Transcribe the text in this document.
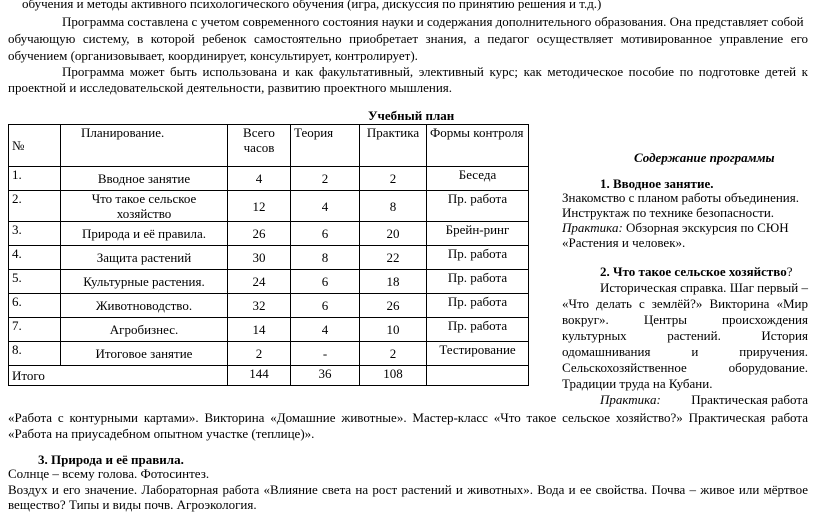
обучения и методы активного психологического обучения (игра, дискуссия по принятию решения и т.д.)
Программа составлена с учетом современного состояния науки и содержания дополнительного образования. Она представляет собой
обучающую систему, в которой ребенок самостоятельно приобретает знания, а педагог осуществляет мотивированное управление его
обучением (организовывает, координирует, консультирует, контролирует).
Программа может быть использована и как факультативный, элективный курс; как методическое пособие по подготовке детей к
проектной и исследовательской деятельности, развитию проектного мышления.
Учебный план
№	Планирование.	Всего часов	Теория	Практика	Формы контроля
1.	Вводное занятие	4	2	2	Беседа
2.	Что такое сельское хозяйство	12	4	8	Пр. работа
3.	Природа и её правила.	26	6	20	Брейн-ринг
4.	Защита растений	30	8	22	Пр. работа
5.	Культурные растения.	24	6	18	Пр. работа
6.	Животноводство.	32	6	26	Пр. работа
7.	Агробизнес.	14	4	10	Пр. работа
8.	Итоговое занятие	2	-	2	Тестирование
Итого		144	36	108	
Содержание программы
1. Вводное занятие.
Знакомство с планом работы объединения.
Инструктаж по технике безопасности.
Практика: Обзорная экскурсия по СЮН
«Растения и человек».
2. Что такое сельское хозяйство?
Историческая справка. Шаг первый –
«Что делать с землёй?» Викторина «Мир
вокруг». Центры происхождения
культурных растений. История
одомашнивания и приручения.
Сельскохозяйственное оборудование.
Традиции труда на Кубани.
Практика: Практическая работа
«Работа с контурными картами». Викторина «Домашние животные». Мастер-класс «Что такое сельское хозяйство?» Практическая работа
«Работа на приусадебном опытном участке (теплице)».
3. Природа и её правила.
Солнце – всему голова. Фотосинтез.
Воздух и его значение. Лабораторная работа «Влияние света на рост растений и животных». Вода и ее свойства. Почва – живое или мёртвое
вещество? Типы и виды почв. Агроэкология.
